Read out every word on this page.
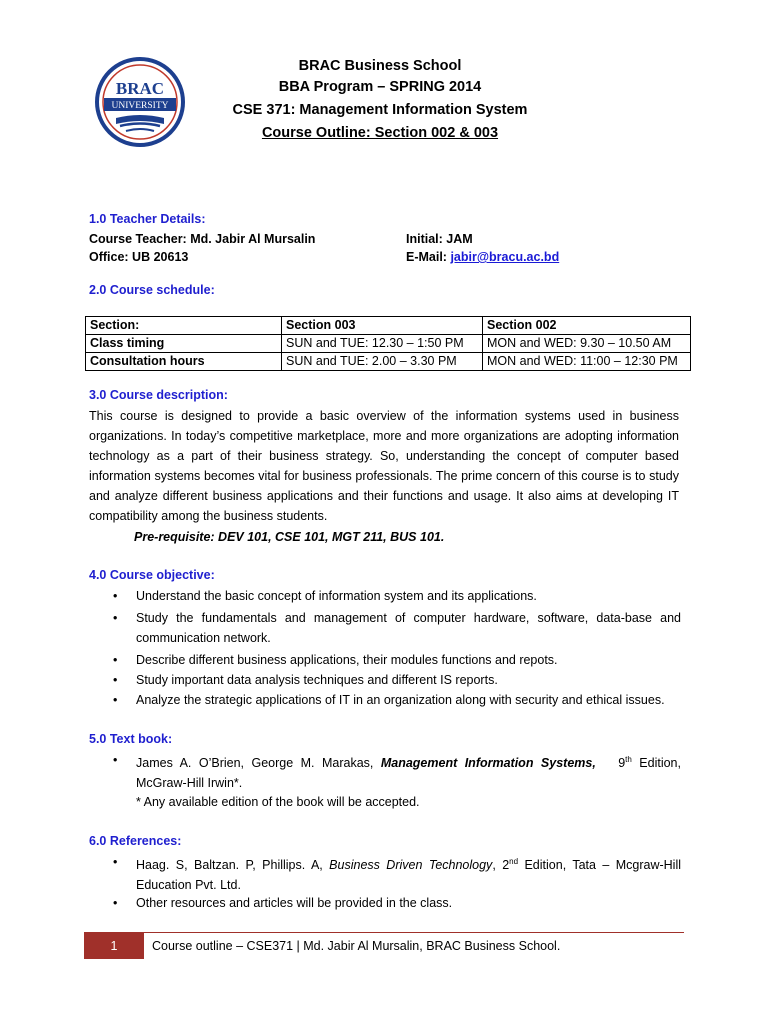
BRAC
UNIVERSITY
BRAC Business School
BBA Program – SPRING 2014
CSE 371: Management Information System
Course Outline: Section 002 & 003
1.0 Teacher Details:
Course Teacher: Md. Jabir Al Mursalin
Office: UB 20613
Initial: JAM
E-Mail: jabir@bracu.ac.bd
2.0 Course schedule:
Section:	Section 003	Section 002
Class timing	SUN and TUE: 12.30 – 1:50 PM	MON and WED: 9.30 – 10.50 AM
Consultation hours	SUN and TUE: 2.00 – 3.30 PM	MON and WED: 11:00 – 12:30 PM
3.0 Course description:
This course is designed to provide a basic overview of the information systems used in business organizations. In today’s competitive marketplace, more and more organizations are adopting information technology as a part of their business strategy. So, understanding the concept of computer based information systems becomes vital for business professionals. The prime concern of this course is to study and analyze different business applications and their functions and usage. It also aims at developing IT compatibility among the business students.
Pre-requisite: DEV 101, CSE 101, MGT 211, BUS 101.
4.0 Course objective:
• Understand the basic concept of information system and its applications.
• Study the fundamentals and management of computer hardware, software, data-base and communication network.
• Describe different business applications, their modules functions and repots.
• Study important data analysis techniques and different IS reports.
• Analyze the strategic applications of IT in an organization along with security and ethical issues.
5.0 Text book:
• James A. O’Brien, George M. Marakas, Management Information Systems, 9th Edition, McGraw-Hill Irwin*.
* Any available edition of the book will be accepted.
6.0 References:
• Haag. S, Baltzan. P, Phillips. A, Business Driven Technology, 2nd Edition, Tata – Mcgraw-Hill Education Pvt. Ltd.
• Other resources and articles will be provided in the class.
1	Course outline – CSE371 | Md. Jabir Al Mursalin, BRAC Business School.
